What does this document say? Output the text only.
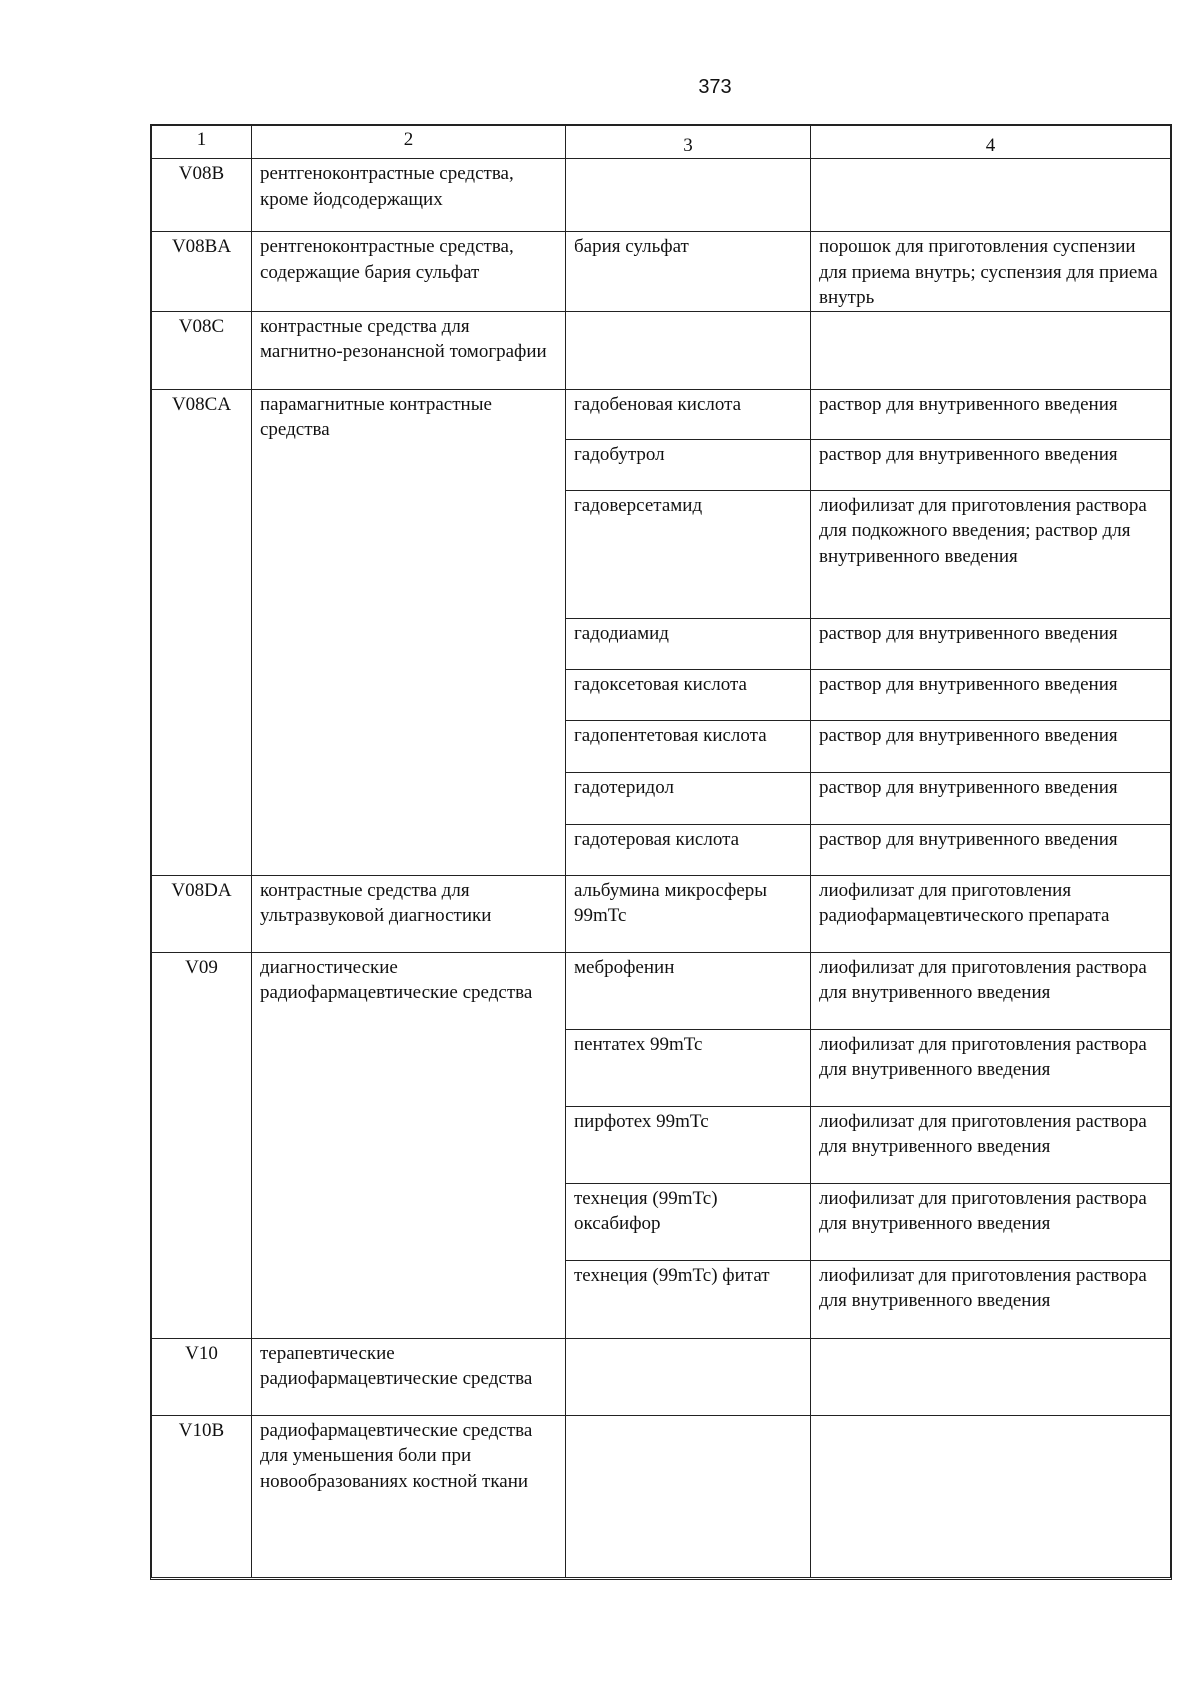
373
1	2	3	4
V08B	рентгеноконтрастные средства, кроме йодсодержащих		
V08BA	рентгеноконтрастные средства, содержащие бария сульфат	бария сульфат	порошок для приготовления суспензии для приема внутрь; суспензия для приема внутрь
V08C	контрастные средства для магнитно-резонансной томографии		
V08CA	парамагнитные контрастные средства	гадобеновая кислота	раствор для внутривенного введения
		гадобутрол	раствор для внутривенного введения
		гадоверсетамид	лиофилизат для приготовления раствора для подкожного введения; раствор для внутривенного введения
		гадодиамид	раствор для внутривенного введения
		гадоксетовая кислота	раствор для внутривенного введения
		гадопентетовая кислота	раствор для внутривенного введения
		гадотеридол	раствор для внутривенного введения
		гадотеровая кислота	раствор для внутривенного введения
V08DA	контрастные средства для ультразвуковой диагностики	альбумина микросферы 99mTc	лиофилизат для приготовления радиофармацевтического препарата
V09	диагностические радиофармацевтические средства	меброфенин	лиофилизат для приготовления раствора для внутривенного введения
		пентатех 99mTc	лиофилизат для приготовления раствора для внутривенного введения
		пирфотех 99mTc	лиофилизат для приготовления раствора для внутривенного введения
		технеция (99mTc) оксабифор	лиофилизат для приготовления раствора для внутривенного введения
		технеция (99mTc) фитат	лиофилизат для приготовления раствора для внутривенного введения
V10	терапевтические радиофармацевтические средства		
V10B	радиофармацевтические средства для уменьшения боли при новообразованиях костной ткани		
